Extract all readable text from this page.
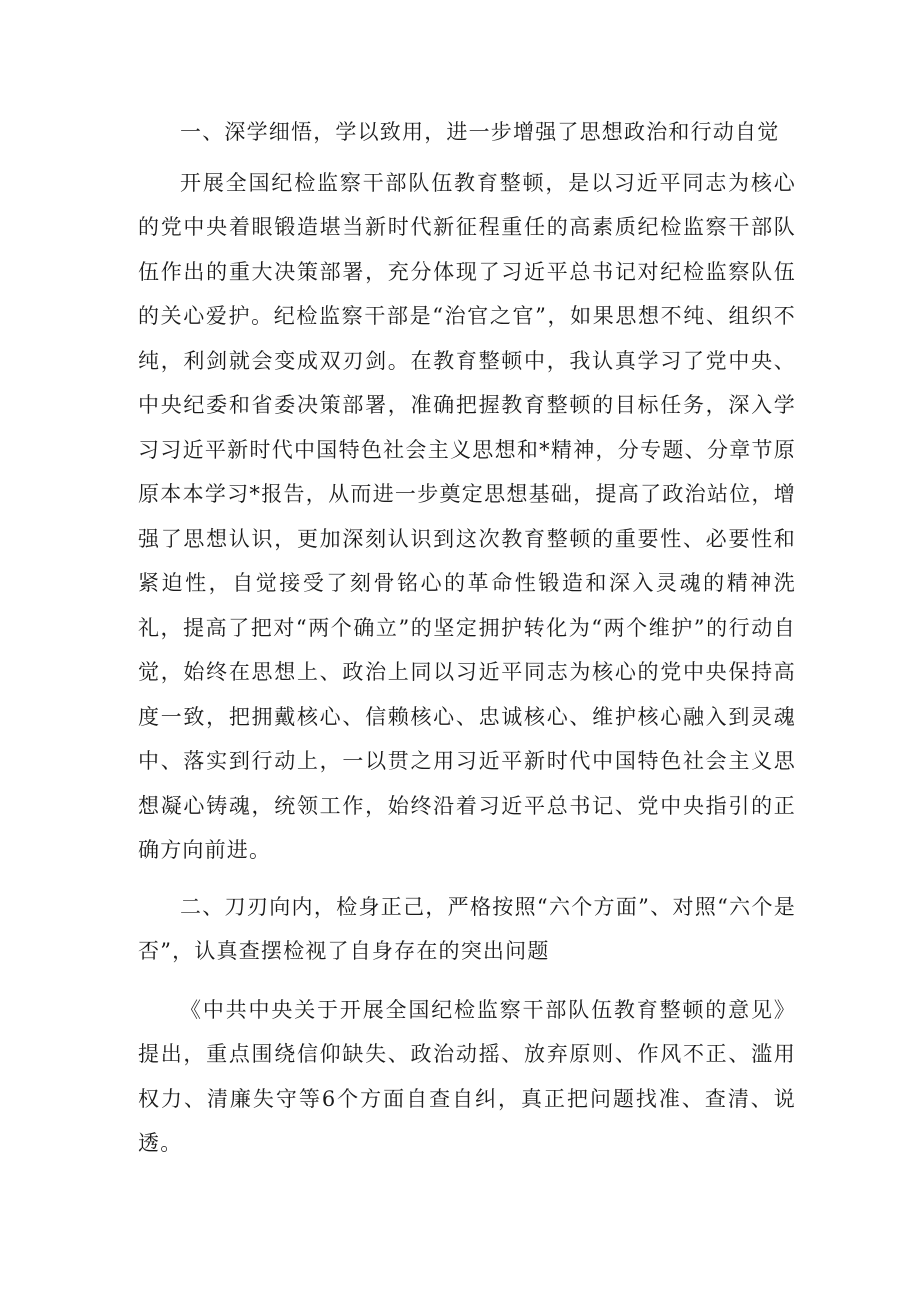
一、深学细悟，学以致用，进一步增强了思想政治和行动自觉

开展全国纪检监察干部队伍教育整顿，是以习近平同志为核心的党中央着眼锻造堪当新时代新征程重任的高素质纪检监察干部队伍作出的重大决策部署，充分体现了习近平总书记对纪检监察队伍的关心爱护。纪检监察干部是“治官之官”，如果思想不纯、组织不纯，利剑就会变成双刃剑。在教育整顿中，我认真学习了党中央、中央纪委和省委决策部署，准确把握教育整顿的目标任务，深入学习习近平新时代中国特色社会主义思想和*精神，分专题、分章节原原本本学习*报告，从而进一步奠定思想基础，提高了政治站位，增强了思想认识，更加深刻认识到这次教育整顿的重要性、必要性和紧迫性，自觉接受了刻骨铭心的革命性锻造和深入灵魂的精神洗礼，提高了把对“两个确立”的坚定拥护转化为“两个维护”的行动自觉，始终在思想上、政治上同以习近平同志为核心的党中央保持高度一致，把拥戴核心、信赖核心、忠诚核心、维护核心融入到灵魂中、落实到行动上，一以贯之用习近平新时代中国特色社会主义思想凝心铸魂，统领工作，始终沿着习近平总书记、党中央指引的正确方向前进。

二、刀刃向内，检身正己，严格按照“六个方面”、对照“六个是否”，认真查摆检视了自身存在的突出问题

《中共中央关于开展全国纪检监察干部队伍教育整顿的意见》提出，重点围绕信仰缺失、政治动摇、放弃原则、作风不正、滥用权力、清廉失守等6个方面自查自纠，真正把问题找准、查清、说透。
